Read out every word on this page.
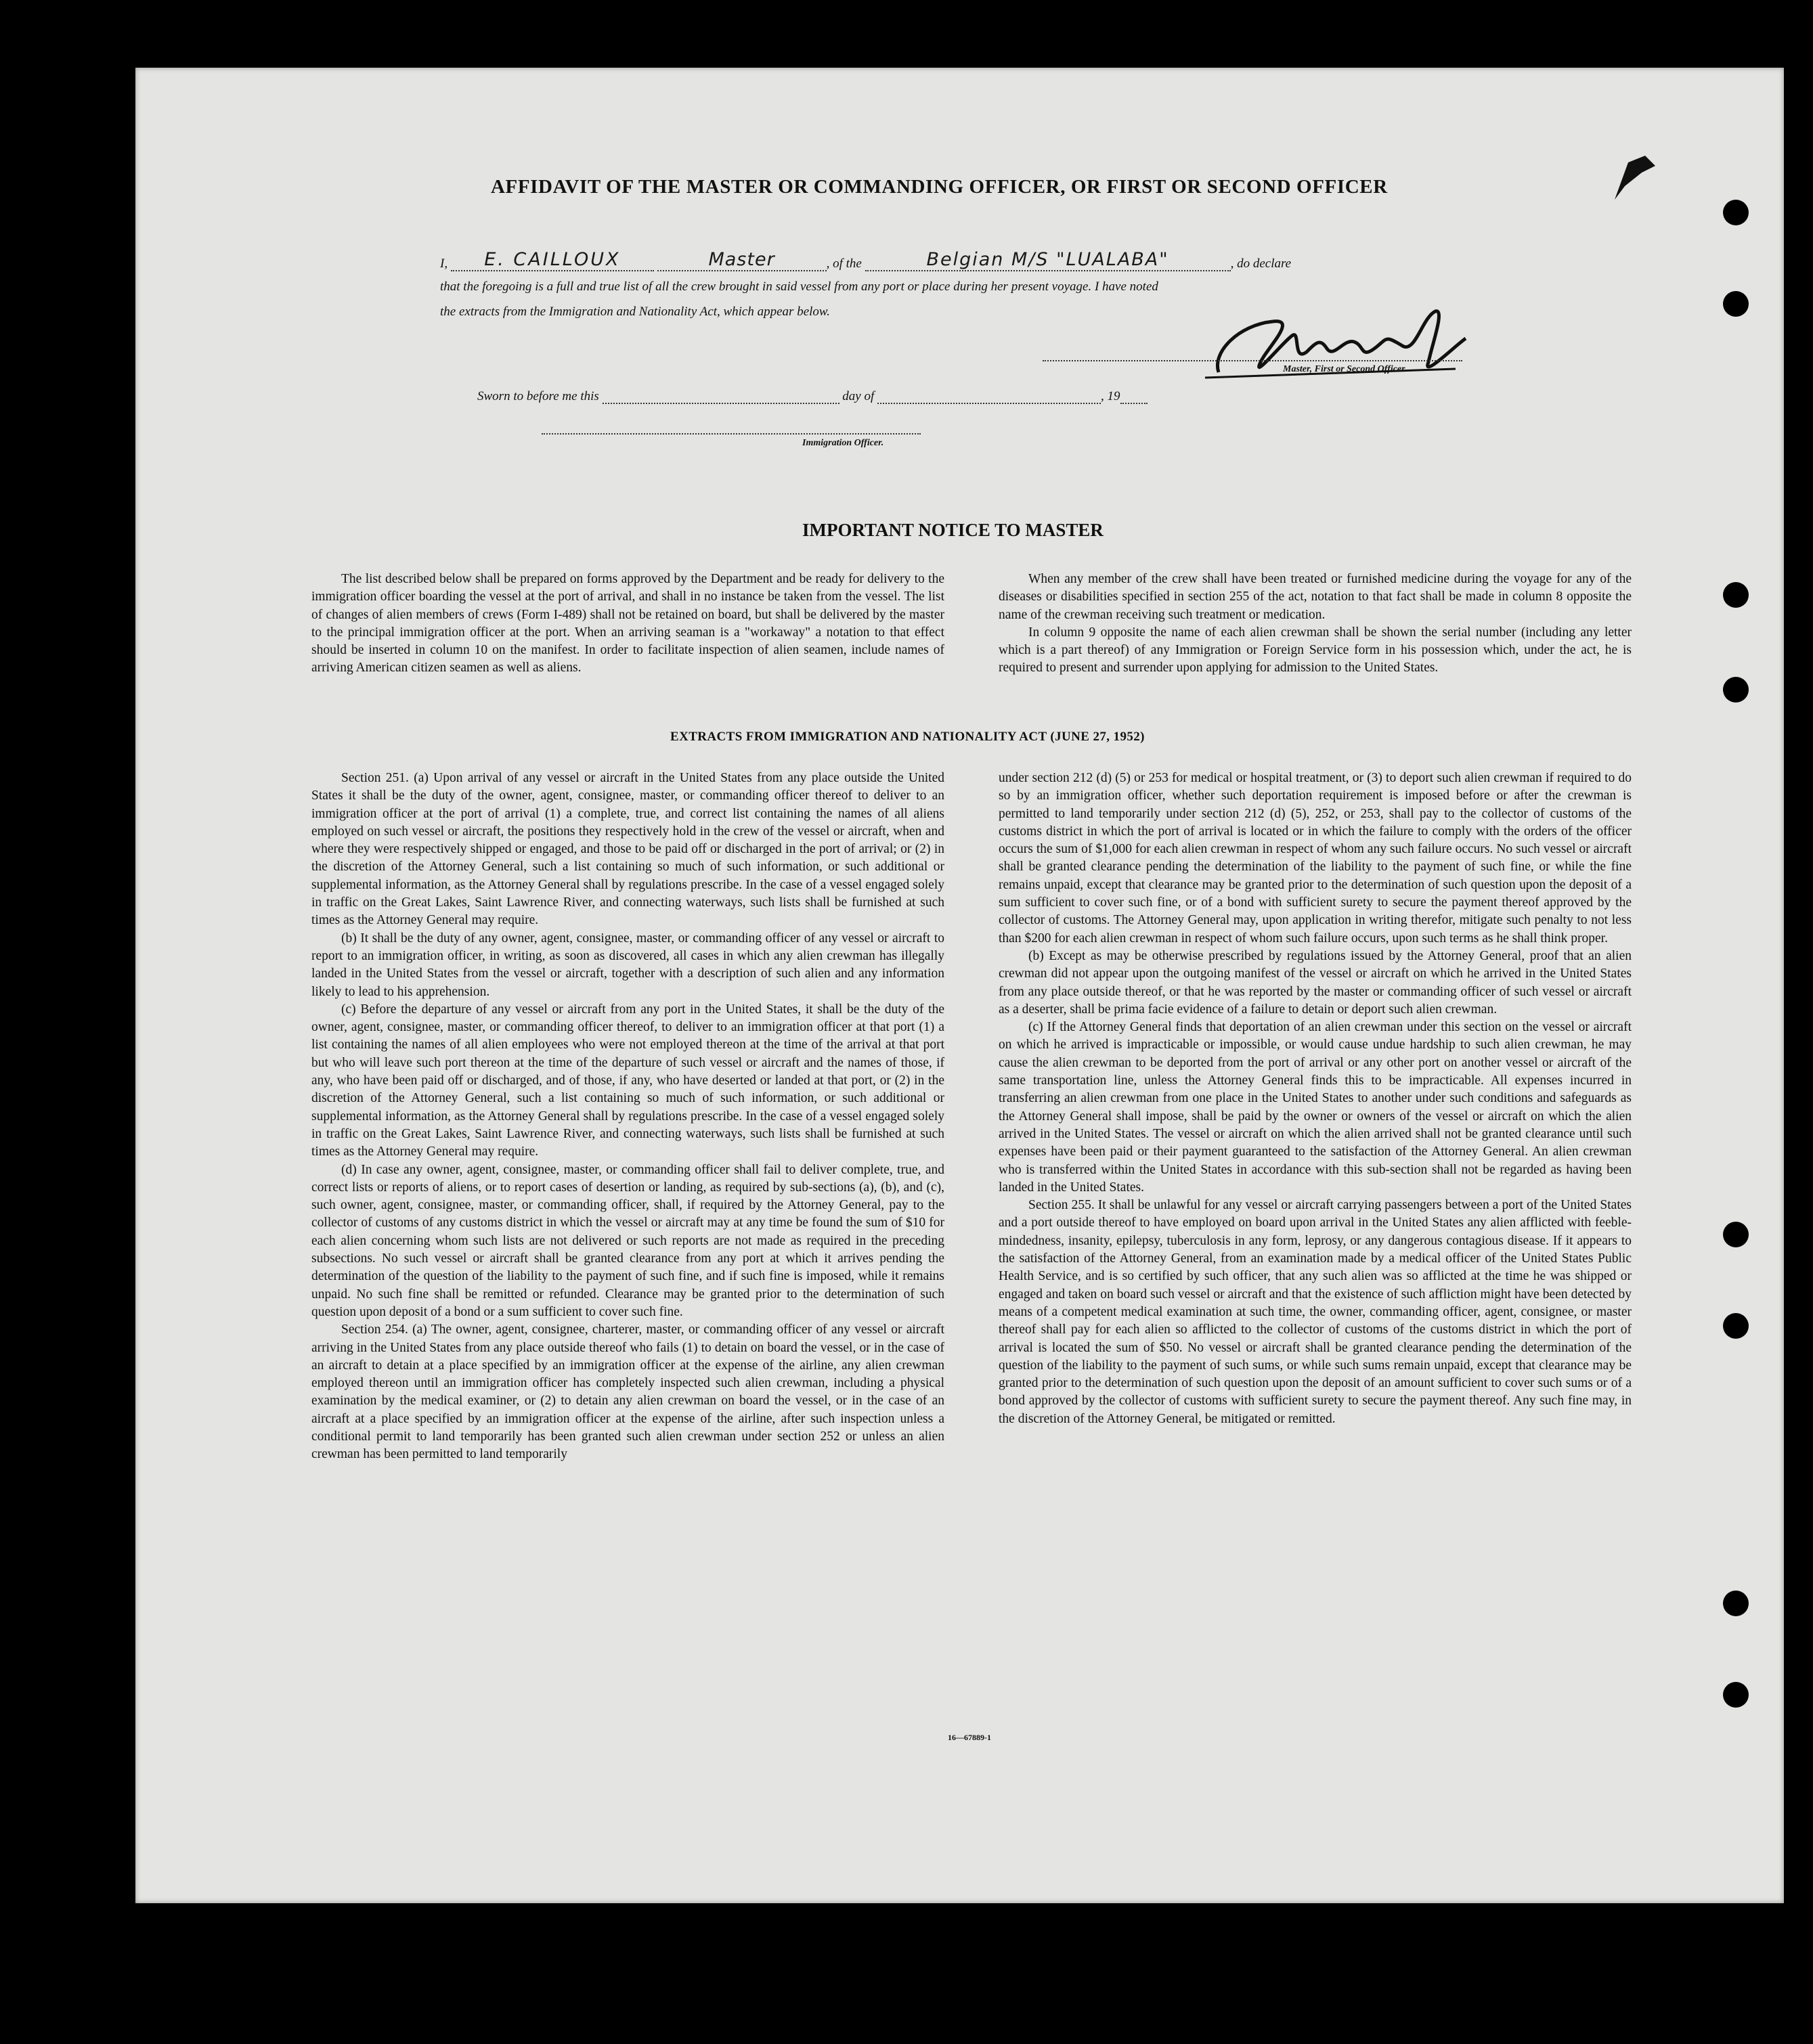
AFFIDAVIT OF THE MASTER OR COMMANDING OFFICER, OR FIRST OR SECOND OFFICER
I, E. CAILLOUX	Master	, of the	Belgian M/S "LUALABA"	, do declare
that the foregoing is a full and true list of all the crew brought in said vessel from any port or place during her present voyage. I have noted
the extracts from the Immigration and Nationality Act, which appear below.
Master, First or Second Officer.
Sworn to before me this	day of	, 19
Immigration Officer.
IMPORTANT NOTICE TO MASTER

The list described below shall be prepared on forms approved by the Department and be ready for delivery to the immigration officer boarding the vessel at the port of arrival, and shall in no instance be taken from the vessel. The list of changes of alien members of crews (Form I-489) shall not be retained on board, but shall be delivered by the master to the principal immigration officer at the port. When an arriving seaman is a "workaway" a notation to that effect should be inserted in column 10 on the manifest. In order to facilitate inspection of alien seamen, include names of arriving American citizen seamen as well as aliens.

When any member of the crew shall have been treated or furnished medicine during the voyage for any of the diseases or disabilities specified in section 255 of the act, notation to that fact shall be made in column 8 opposite the name of the crewman receiving such treatment or medication.

In column 9 opposite the name of each alien crewman shall be shown the serial number (including any letter which is a part thereof) of any Immigration or Foreign Service form in his possession which, under the act, he is required to present and surrender upon applying for admission to the United States.

EXTRACTS FROM IMMIGRATION AND NATIONALITY ACT (JUNE 27, 1952)

Section 251. (a) Upon arrival of any vessel or aircraft in the United States from any place outside the United States it shall be the duty of the owner, agent, consignee, master, or commanding officer thereof to deliver to an immigration officer at the port of arrival (1) a complete, true, and correct list containing the names of all aliens employed on such vessel or aircraft, the positions they respectively hold in the crew of the vessel or aircraft, when and where they were respectively shipped or engaged, and those to be paid off or discharged in the port of arrival; or (2) in the discretion of the Attorney General, such a list containing so much of such information, or such additional or supplemental information, as the Attorney General shall by regulations prescribe. In the case of a vessel engaged solely in traffic on the Great Lakes, Saint Lawrence River, and connecting waterways, such lists shall be furnished at such times as the Attorney General may require.

(b) It shall be the duty of any owner, agent, consignee, master, or commanding officer of any vessel or aircraft to report to an immigration officer, in writing, as soon as discovered, all cases in which any alien crewman has illegally landed in the United States from the vessel or aircraft, together with a description of such alien and any information likely to lead to his apprehension.

(c) Before the departure of any vessel or aircraft from any port in the United States, it shall be the duty of the owner, agent, consignee, master, or commanding officer thereof, to deliver to an immigration officer at that port (1) a list containing the names of all alien employees who were not employed thereon at the time of the arrival at that port but who will leave such port thereon at the time of the departure of such vessel or aircraft and the names of those, if any, who have been paid off or discharged, and of those, if any, who have deserted or landed at that port, or (2) in the discretion of the Attorney General, such a list containing so much of such information, or such additional or supplemental information, as the Attorney General shall by regulations prescribe. In the case of a vessel engaged solely in traffic on the Great Lakes, Saint Lawrence River, and connecting waterways, such lists shall be furnished at such times as the Attorney General may require.

(d) In case any owner, agent, consignee, master, or commanding officer shall fail to deliver complete, true, and correct lists or reports of aliens, or to report cases of desertion or landing, as required by sub-sections (a), (b), and (c), such owner, agent, consignee, master, or commanding officer, shall, if required by the Attorney General, pay to the collector of customs of any customs district in which the vessel or aircraft may at any time be found the sum of $10 for each alien concerning whom such lists are not delivered or such reports are not made as required in the preceding subsections. No such vessel or aircraft shall be granted clearance from any port at which it arrives pending the determination of the question of the liability to the payment of such fine, and if such fine is imposed, while it remains unpaid. No such fine shall be remitted or refunded. Clearance may be granted prior to the determination of such question upon deposit of a bond or a sum sufficient to cover such fine.

Section 254. (a) The owner, agent, consignee, charterer, master, or commanding officer of any vessel or aircraft arriving in the United States from any place outside thereof who fails (1) to detain on board the vessel, or in the case of an aircraft to detain at a place specified by an immigration officer at the expense of the airline, any alien crewman employed thereon until an immigration officer has completely inspected such alien crewman, including a physical examination by the medical examiner, or (2) to detain any alien crewman on board the vessel, or in the case of an aircraft at a place specified by an immigration officer at the expense of the airline, after such inspection unless a conditional permit to land temporarily has been granted such alien crewman under section 252 or unless an alien crewman has been permitted to land temporarily

under section 212 (d) (5) or 253 for medical or hospital treatment, or (3) to deport such alien crewman if required to do so by an immigration officer, whether such deportation requirement is imposed before or after the crewman is permitted to land temporarily under section 212 (d) (5), 252, or 253, shall pay to the collector of customs of the customs district in which the port of arrival is located or in which the failure to comply with the orders of the officer occurs the sum of $1,000 for each alien crewman in respect of whom any such failure occurs. No such vessel or aircraft shall be granted clearance pending the determination of the liability to the payment of such fine, or while the fine remains unpaid, except that clearance may be granted prior to the determination of such question upon the deposit of a sum sufficient to cover such fine, or of a bond with sufficient surety to secure the payment thereof approved by the collector of customs. The Attorney General may, upon application in writing therefor, mitigate such penalty to not less than $200 for each alien crewman in respect of whom such failure occurs, upon such terms as he shall think proper.

(b) Except as may be otherwise prescribed by regulations issued by the Attorney General, proof that an alien crewman did not appear upon the outgoing manifest of the vessel or aircraft on which he arrived in the United States from any place outside thereof, or that he was reported by the master or commanding officer of such vessel or aircraft as a deserter, shall be prima facie evidence of a failure to detain or deport such alien crewman.

(c) If the Attorney General finds that deportation of an alien crewman under this section on the vessel or aircraft on which he arrived is impracticable or impossible, or would cause undue hardship to such alien crewman, he may cause the alien crewman to be deported from the port of arrival or any other port on another vessel or aircraft of the same transportation line, unless the Attorney General finds this to be impracticable. All expenses incurred in transferring an alien crewman from one place in the United States to another under such conditions and safeguards as the Attorney General shall impose, shall be paid by the owner or owners of the vessel or aircraft on which the alien arrived in the United States. The vessel or aircraft on which the alien arrived shall not be granted clearance until such expenses have been paid or their payment guaranteed to the satisfaction of the Attorney General. An alien crewman who is transferred within the United States in accordance with this sub-section shall not be regarded as having been landed in the United States.

Section 255. It shall be unlawful for any vessel or aircraft carrying passengers between a port of the United States and a port outside thereof to have employed on board upon arrival in the United States any alien afflicted with feeble-mindedness, insanity, epilepsy, tuberculosis in any form, leprosy, or any dangerous contagious disease. If it appears to the satisfaction of the Attorney General, from an examination made by a medical officer of the United States Public Health Service, and is so certified by such officer, that any such alien was so afflicted at the time he was shipped or engaged and taken on board such vessel or aircraft and that the existence of such affliction might have been detected by means of a competent medical examination at such time, the owner, commanding officer, agent, consignee, or master thereof shall pay for each alien so afflicted to the collector of customs of the customs district in which the port of arrival is located the sum of $50. No vessel or aircraft shall be granted clearance pending the determination of the question of the liability to the payment of such sums, or while such sums remain unpaid, except that clearance may be granted prior to the determination of such question upon the deposit of an amount sufficient to cover such sums or of a bond approved by the collector of customs with sufficient surety to secure the payment thereof. Any such fine may, in the discretion of the Attorney General, be mitigated or remitted.

16—67889-1
